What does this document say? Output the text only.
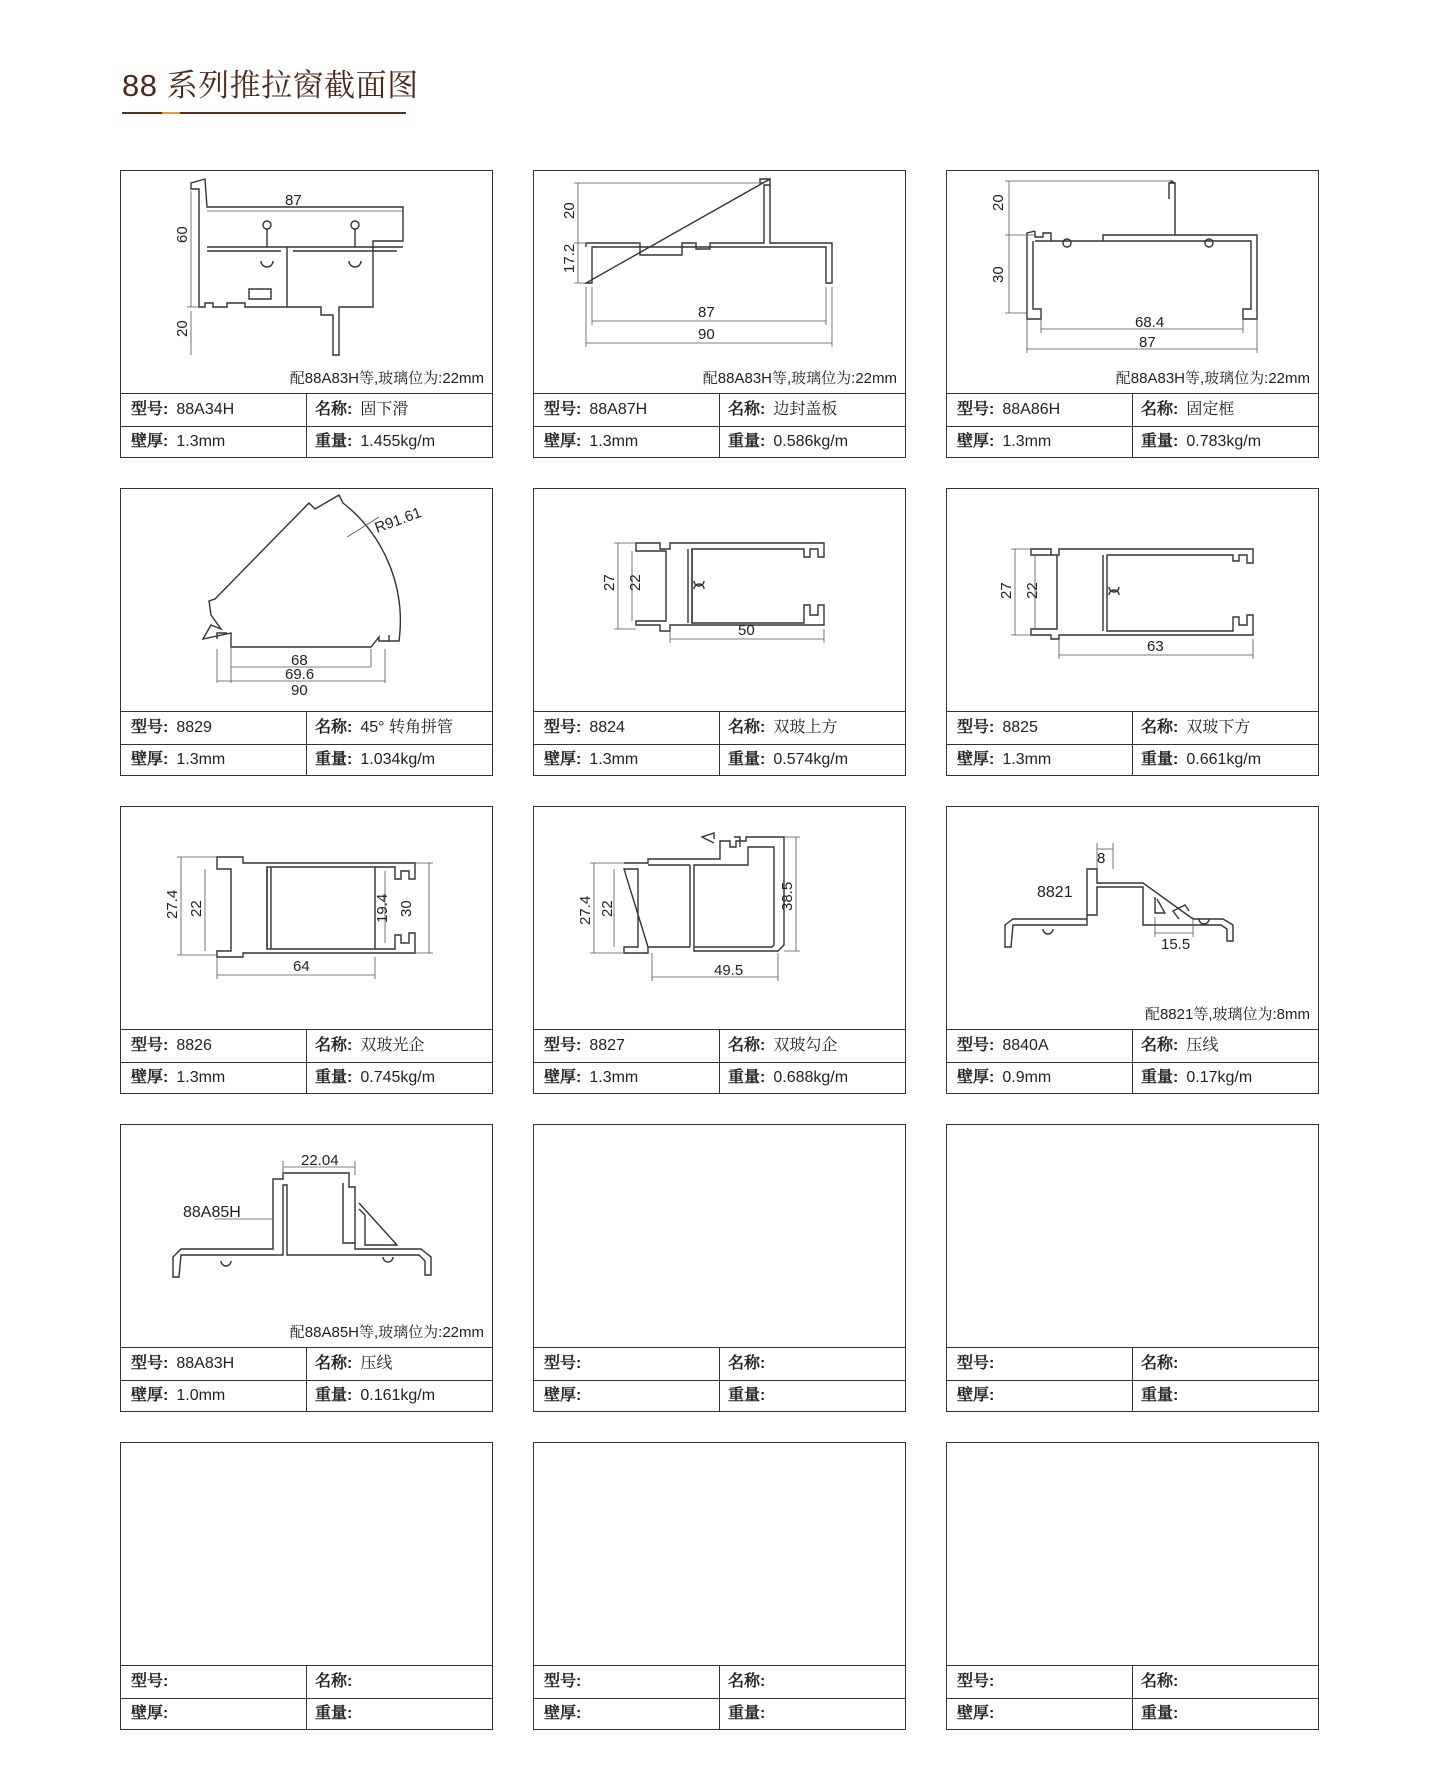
88 系列推拉窗截面图
87
60
20
配88A83H等,玻璃位为:22mm
型号: 88A34H	名称: 固下滑
壁厚: 1.3mm	重量: 1.455kg/m
20
17.2
87
90
配88A83H等,玻璃位为:22mm
型号: 88A87H	名称: 边封盖板
壁厚: 1.3mm	重量: 0.586kg/m
20
30
68.4
87
配88A83H等,玻璃位为:22mm
型号: 88A86H	名称: 固定框
壁厚: 1.3mm	重量: 0.783kg/m
R91.61
68
69.6
90
型号: 8829	名称: 45° 转角拼管
壁厚: 1.3mm	重量: 1.034kg/m
27 22
50
型号: 8824	名称: 双玻上方
壁厚: 1.3mm	重量: 0.574kg/m
27 22
63
型号: 8825	名称: 双玻下方
壁厚: 1.3mm	重量: 0.661kg/m
27.4 22	19.4 30
64
型号: 8826	名称: 双玻光企
壁厚: 1.3mm	重量: 0.745kg/m
27.4 22	38.5
49.5
型号: 8827	名称: 双玻勾企
壁厚: 1.3mm	重量: 0.688kg/m
8
8821
15.5
配8821等,玻璃位为:8mm
型号: 8840A	名称: 压线
壁厚: 0.9mm	重量: 0.17kg/m
22.04
88A85H
配88A85H等,玻璃位为:22mm
型号: 88A83H	名称: 压线
壁厚: 1.0mm	重量: 0.161kg/m
型号:	名称:
壁厚:	重量:
型号:	名称:
壁厚:	重量:
型号:	名称:
壁厚:	重量:
型号:	名称:
壁厚:	重量:
型号:	名称:
壁厚:	重量:
